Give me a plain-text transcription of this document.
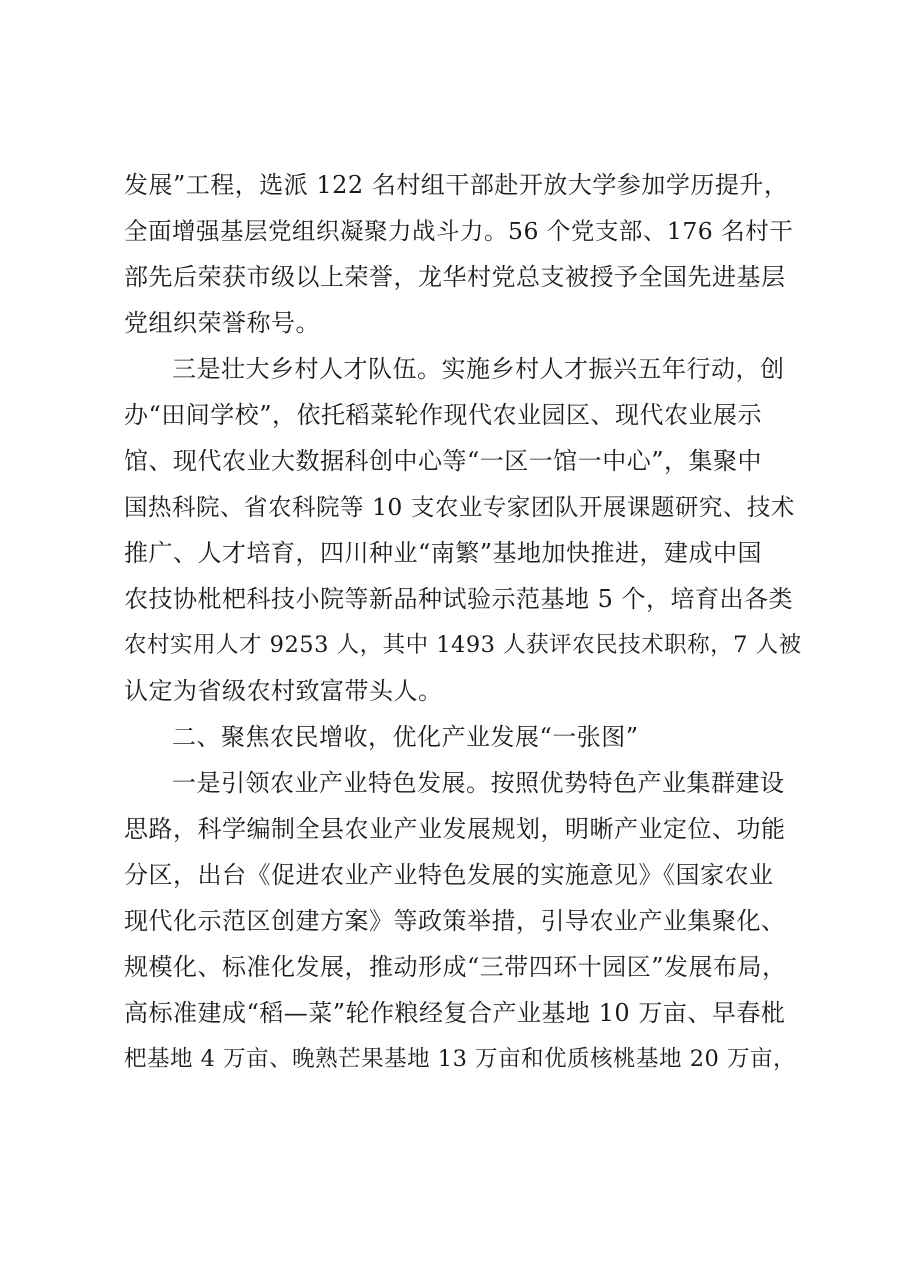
发展”工程，选派 122 名村组干部赴开放大学参加学历提升，
全面增强基层党组织凝聚力战斗力。56 个党支部、176 名村干
部先后荣获市级以上荣誉，龙华村党总支被授予全国先进基层
党组织荣誉称号。
三是壮大乡村人才队伍。实施乡村人才振兴五年行动，创
办“田间学校”，依托稻菜轮作现代农业园区、现代农业展示
馆、现代农业大数据科创中心等“一区一馆一中心”，集聚中
国热科院、省农科院等 10 支农业专家团队开展课题研究、技术
推广、人才培育，四川种业“南繁”基地加快推进，建成中国
农技协枇杷科技小院等新品种试验示范基地 5 个，培育出各类
农村实用人才 9253 人，其中 1493 人获评农民技术职称，7 人被
认定为省级农村致富带头人。
二、聚焦农民增收，优化产业发展“一张图”
一是引领农业产业特色发展。按照优势特色产业集群建设
思路，科学编制全县农业产业发展规划，明晰产业定位、功能
分区，出台《促进农业产业特色发展的实施意见》《国家农业
现代化示范区创建方案》等政策举措，引导农业产业集聚化、
规模化、标准化发展，推动形成“三带四环十园区”发展布局，
高标准建成“稻—菜”轮作粮经复合产业基地 10 万亩、早春枇
杷基地 4 万亩、晚熟芒果基地 13 万亩和优质核桃基地 20 万亩，
